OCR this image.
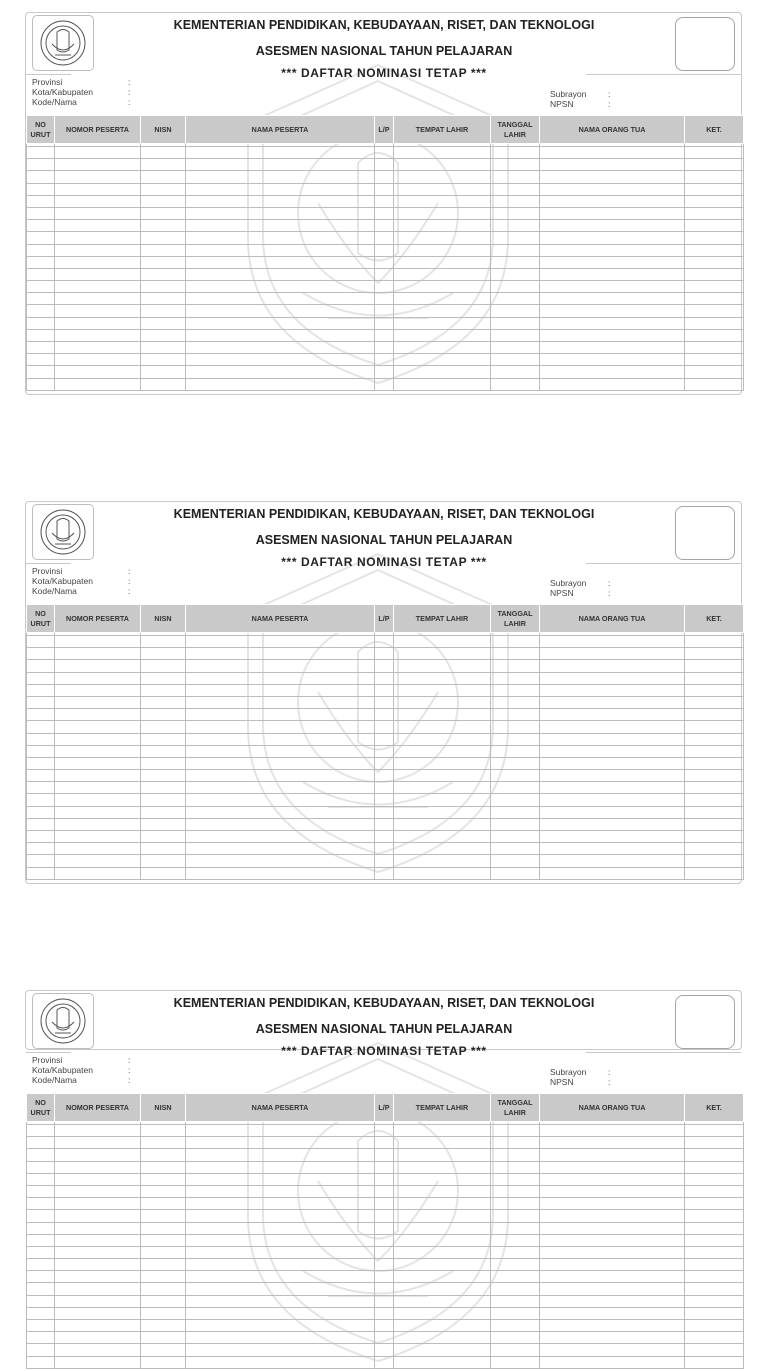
KEMENTERIAN PENDIDIKAN, KEBUDAYAAN, RISET, DAN TEKNOLOGI
ASESMEN NASIONAL TAHUN PELAJARAN
*** DAFTAR NOMINASI TETAP ***
Provinsi	:
Kota/Kabupaten	:
Kode/Nama	:
Subrayon	:
NPSN	:
NO
URUT	NOMOR PESERTA	NISN	NAMA PESERTA	L/P	TEMPAT LAHIR	TANGGAL
LAHIR	NAMA ORANG TUA	KET.

KEMENTERIAN PENDIDIKAN, KEBUDAYAAN, RISET, DAN TEKNOLOGI
ASESMEN NASIONAL TAHUN PELAJARAN
*** DAFTAR NOMINASI TETAP ***
Provinsi	:
Kota/Kabupaten	:
Kode/Nama	:
Subrayon	:
NPSN	:
NO
URUT	NOMOR PESERTA	NISN	NAMA PESERTA	L/P	TEMPAT LAHIR	TANGGAL
LAHIR	NAMA ORANG TUA	KET.

KEMENTERIAN PENDIDIKAN, KEBUDAYAAN, RISET, DAN TEKNOLOGI
ASESMEN NASIONAL TAHUN PELAJARAN
*** DAFTAR NOMINASI TETAP ***
Provinsi	:
Kota/Kabupaten	:
Kode/Nama	:
Subrayon	:
NPSN	:
NO
URUT	NOMOR PESERTA	NISN	NAMA PESERTA	L/P	TEMPAT LAHIR	TANGGAL
LAHIR	NAMA ORANG TUA	KET.
